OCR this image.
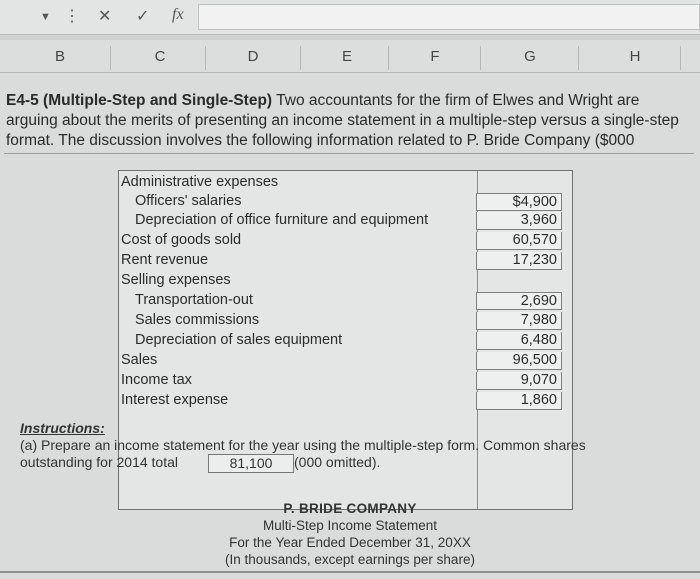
▼ ⋮ ✕ ✓ fx
B	C	D	E	F	G	H
E4-5 (Multiple-Step and Single-Step) Two accountants for the firm of Elwes and Wright are
arguing about the merits of presenting an income statement in a multiple-step versus a single-step
format. The discussion involves the following information related to P. Bride Company ($000
Administrative expenses
Officers' salaries	$4,900
Depreciation of office furniture and equipment	3,960
Cost of goods sold	60,570
Rent revenue	17,230
Selling expenses
Transportation-out	2,690
Sales commissions	7,980
Depreciation of sales equipment	6,480
Sales	96,500
Income tax	9,070
Interest expense	1,860
Instructions:
(a) Prepare an income statement for the year using the multiple-step form. Common shares
outstanding for 2014 total	81,100 (000 omitted).
P. BRIDE COMPANY
Multi-Step Income Statement
For the Year Ended December 31, 20XX
(In thousands, except earnings per share)
